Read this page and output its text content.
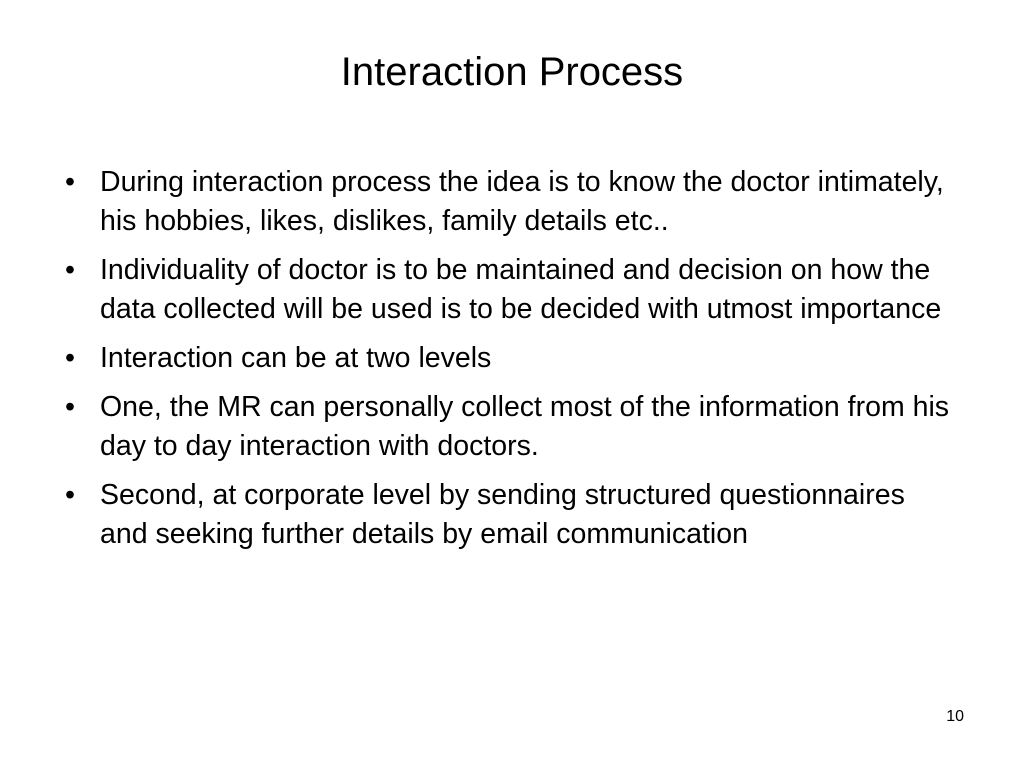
Interaction Process
• During interaction process the idea is to know the doctor intimately, his hobbies, likes, dislikes, family details etc..
• Individuality of doctor is to be maintained and decision on how the data collected will be used is to be decided with utmost importance
• Interaction can be at two levels
• One, the MR can personally collect most of the information from his day to day interaction with doctors.
• Second, at corporate level by sending structured questionnaires and seeking further details by email communication
10
